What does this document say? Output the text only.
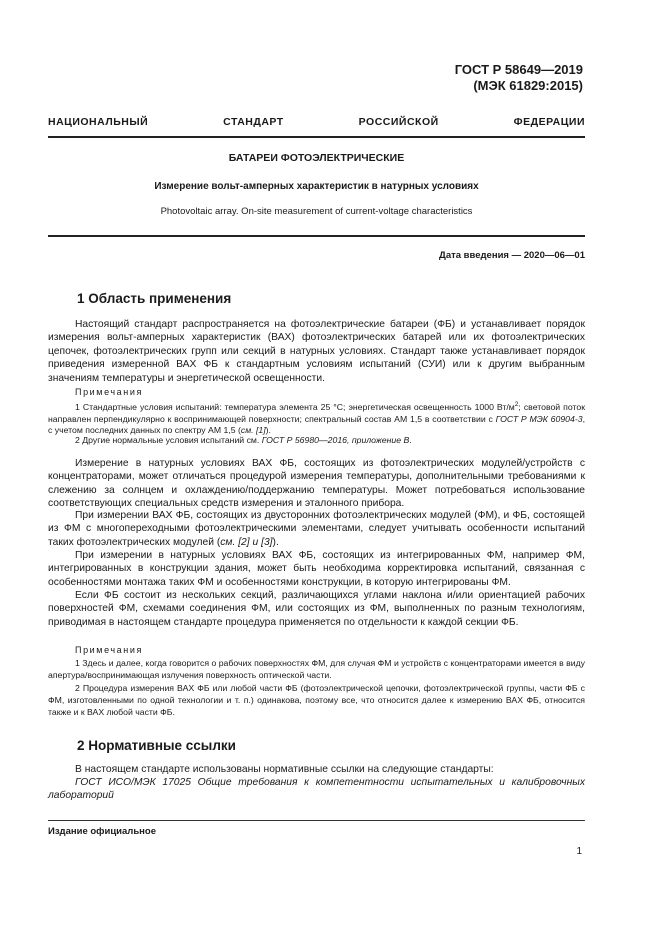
ГОСТ Р 58649—2019
(МЭК 61829:2015)
НАЦИОНАЛЬНЫЙ СТАНДАРТ РОССИЙСКОЙ ФЕДЕРАЦИИ
БАТАРЕИ ФОТОЭЛЕКТРИЧЕСКИЕ
Измерение вольт-амперных характеристик в натурных условиях
Photovoltaic array. On-site measurement of current-voltage characteristics
Дата введения — 2020—06—01
1 Область применения

Настоящий стандарт распространяется на фотоэлектрические батареи (ФБ) и устанавливает порядок измерения вольт-амперных характеристик (ВАХ) фотоэлектрических батарей или их фотоэлектрических цепочек, фотоэлектрических групп или секций в натурных условиях. Стандарт также устанавливает порядок приведения измеренной ВАХ ФБ к стандартным условиям испытаний (СУИ) или к другим выбранным значениям температуры и энергетической освещенности.

Примечания

1 Стандартные условия испытаний: температура элемента 25 °С; энергетическая освещенность 1000 $Вт/м^2$; световой поток направлен перпендикулярно к воспринимающей поверхности; спектральный состав АМ 1,5 в соответствии с ГОСТ Р МЭК 60904-3, с учетом последних данных по спектру АМ 1,5 (см. [1]).

2 Другие нормальные условия испытаний см. ГОСТ Р 56980—2016, приложение В.

Измерение в натурных условиях ВАХ ФБ, состоящих из фотоэлектрических модулей/устройств с концентраторами, может отличаться процедурой измерения температуры, дополнительными требованиями к слежению за солнцем и охлаждению/поддержанию температуры. Может потребоваться использование соответствующих специальных средств измерения и эталонного прибора.

При измерении ВАХ ФБ, состоящих из двусторонних фотоэлектрических модулей (ФМ), и ФБ, состоящей из ФМ с многопереходными фотоэлектрическими элементами, следует учитывать особенности испытаний таких фотоэлектрических модулей (см. [2] и [3]).

При измерении в натурных условиях ВАХ ФБ, состоящих из интегрированных ФМ, например ФМ, интегрированных в конструкции здания, может быть необходима корректировка испытаний, связанная с особенностями монтажа таких ФМ и особенностями конструкции, в которую интегрированы ФМ.

Если ФБ состоит из нескольких секций, различающихся углами наклона и/или ориентацией рабочих поверхностей ФМ, схемами соединения ФМ, или состоящих из ФМ, выполненных по разным технологиям, приводимая в настоящем стандарте процедура применяется по отдельности к каждой секции ФБ.

Примечания

1 Здесь и далее, когда говорится о рабочих поверхностях ФМ, для случая ФМ и устройств с концентраторами имеется в виду апертура/воспринимающая излучения поверхность оптической части.

2 Процедура измерения ВАХ ФБ или любой части ФБ (фотоэлектрической цепочки, фотоэлектрической группы, части ФБ с ФМ, изготовленными по одной технологии и т. п.) одинакова, поэтому все, что относится далее к измерению ВАХ ФБ, относится также и к ВАХ любой части ФБ.

2 Нормативные ссылки

В настоящем стандарте использованы нормативные ссылки на следующие стандарты:

ГОСТ ИСО/МЭК 17025 Общие требования к компетентности испытательных и калибровочных лабораторий

Издание официальное
1
